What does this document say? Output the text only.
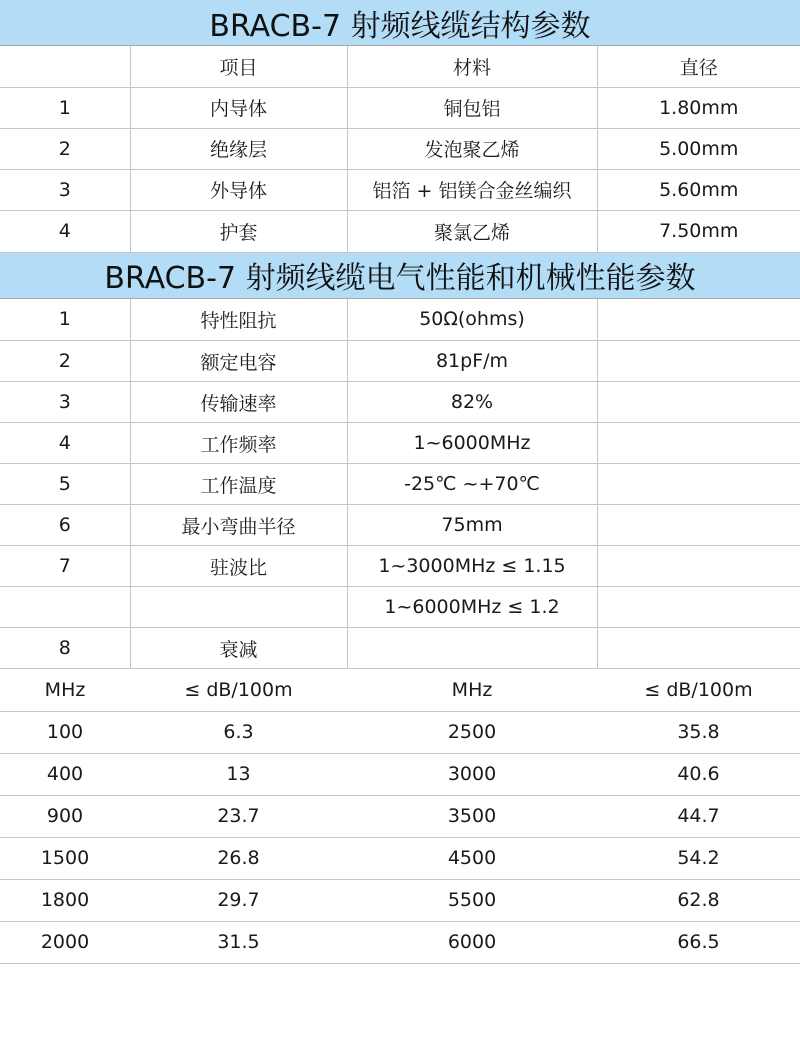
BRACB-7 射频线缆结构参数
	项目	材料	直径
1	内导体	铜包铝	1.80mm
2	绝缘层	发泡聚乙烯	5.00mm
3	外导体	铝箔 + 铝镁合金丝编织	5.60mm
4	护套	聚氯乙烯	7.50mm
BRACB-7 射频线缆电气性能和机械性能参数
1	特性阻抗	50Ω(ohms)	
2	额定电容	81pF/m	
3	传输速率	82%	
4	工作频率	1~6000MHz	
5	工作温度	-25℃ ~+70℃	
6	最小弯曲半径	75mm	
7	驻波比	1~3000MHz ≤ 1.15	
		1~6000MHz ≤ 1.2	
8	衰减		
MHz	≤ dB/100m	MHz	≤ dB/100m
100	6.3	2500	35.8
400	13	3000	40.6
900	23.7	3500	44.7
1500	26.8	4500	54.2
1800	29.7	5500	62.8
2000	31.5	6000	66.5
